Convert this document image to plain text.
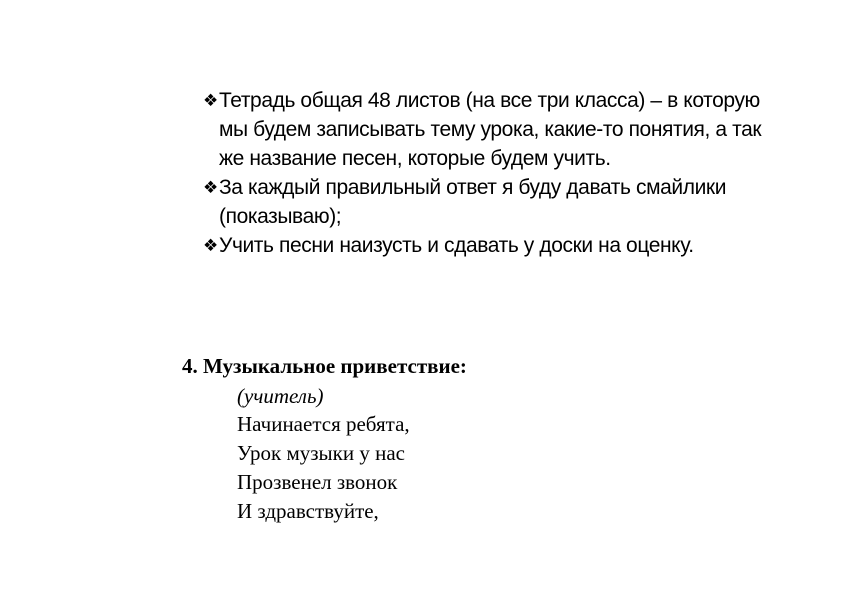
❖ Тетрадь общая 48 листов (на все три класса) – в которую мы будем записывать тему урока, какие-то понятия, а так же название песен, которые будем учить.

❖ За каждый правильный ответ я буду давать смайлики (показываю);

❖ Учить песни наизусть и сдавать у доски на оценку.

4. Музыкальное приветствие:
(учитель)
Начинается ребята,
Урок музыки у нас
Прозвенел звонок
И здравствуйте,
